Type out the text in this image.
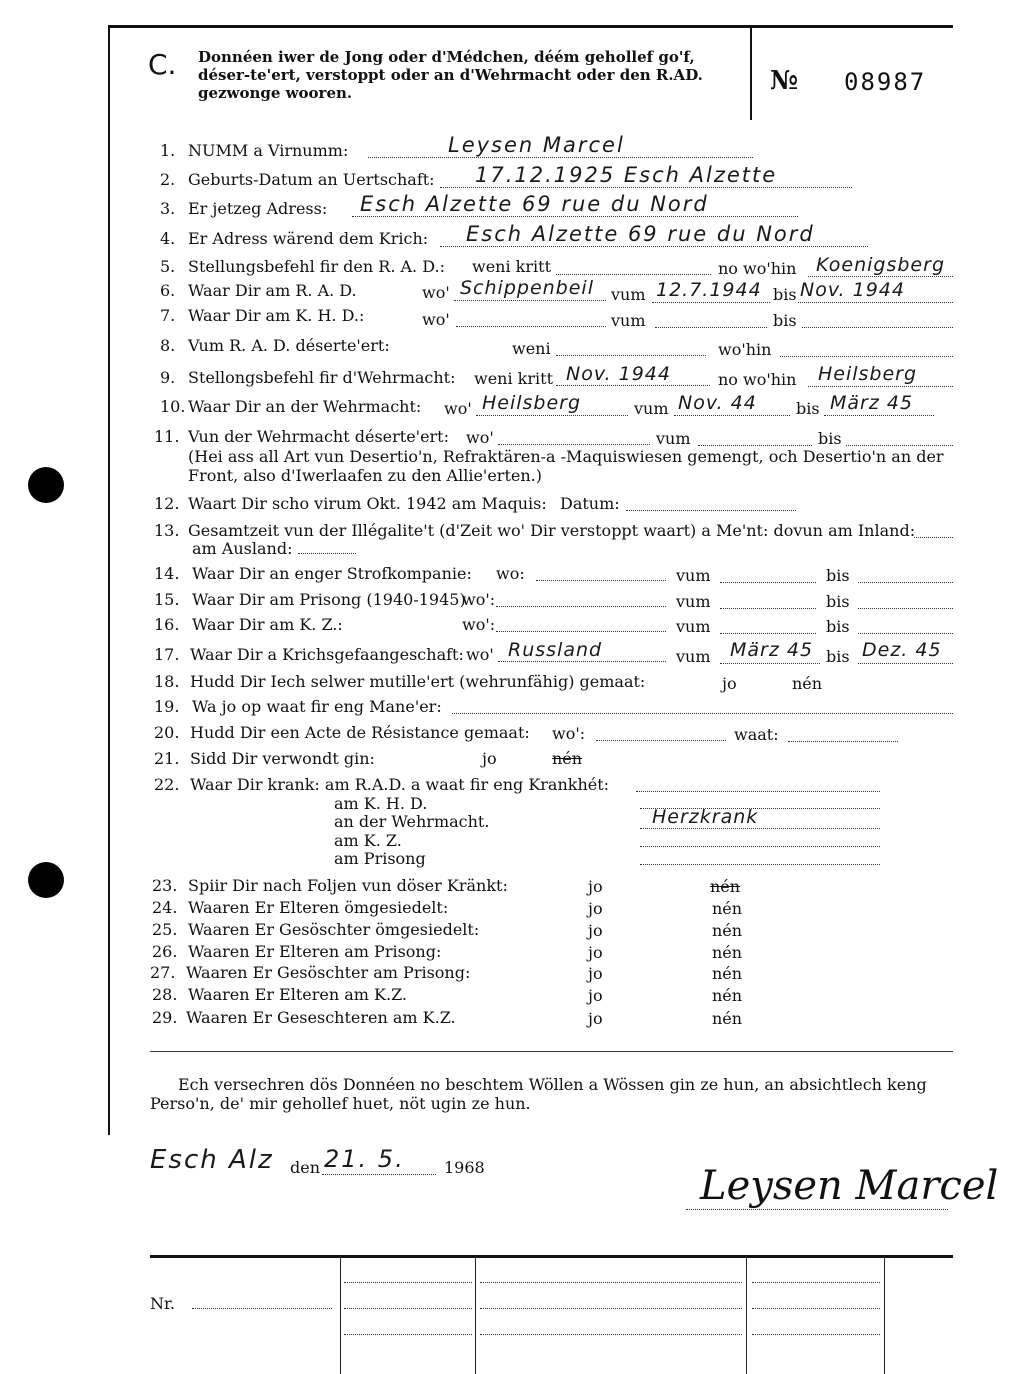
C. Donnéen iwer de Jong oder d'Médchen, déém gehollef go'f, déser-te'ert, verstoppt oder an d'Wehrmacht oder den R.AD. gezwonge wooren.	№ 08987
1. NUMM a Virnumm:	Leysen Marcel
2. Geburts-Datum an Uertschaft: 17.12.1925 Esch Alzette
3. Er jetzeg Adress: Esch Alzette 69 rue du Nord
4. Er Adress wärend dem Krich: Esch Alzette 69 rue du Nord
5. Stellungsbefehl fir den R. A. D.: weni kritt	no wo'hin Koenigsberg
6. Waar Dir am R. A. D.	wo' Schippenbeil vum 12.7.1944 bis Nov. 1944
7. Waar Dir am K. H. D.:	wo'	vum	bis
8. Vum R. A. D. déserte'ert:	weni	wo'hin
9. Stellongsbefehl fir d'Wehrmacht: weni kritt Nov. 1944	no wo'hin Heilsberg
10. Waar Dir an der Wehrmacht: wo' Heilsberg	vum Nov. 44 bis März 45
11. Vun der Wehrmacht déserte'ert: wo'	vum	bis
(Hei ass all Art vun Desertio'n, Refraktären-a -Maquiswiesen gemengt, och Desertio'n an der Front, also d'Iwerlaafen zu den Allie'erten.)
12. Waart Dir scho virum Okt. 1942 am Maquis: Datum:
13. Gesamtzeit vun der Illégalite't (d'Zeit wo' Dir verstoppt waart) a Me'nt: dovun am Inland:
am Ausland:
14. Waar Dir an enger Strofkompanie: wo:	vum	bis
15. Waar Dir am Prisong (1940-1945)
wo':	vum	bis
16. Waar Dir am K. Z.:	wo':	vum	bis
17. Waar Dir a Krichsgefaangeschaft: wo' Russland	vum März 45 bis Dez. 45
18. Hudd Dir Iech selwer mutille'ert (wehrunfähig) gemaat:	jo	nén
19. Wa jo op waat fir eng Mane'er:
20. Hudd Dir een Acte de Résistance gemaat: wo':	waat:
21. Sidd Dir verwondt gin:	jo	nén
22. Waar Dir krank: am R.A.D. a waat fir eng Krankhét:
am K. H. D.
an der Wehrmacht.	Herzkrank
am K. Z.
am Prisong
23. Spiir Dir nach Foljen vun döser Kränkt:	jo	nén
24. Waaren Er Elteren ömgesiedelt:	jo	nén
25. Waaren Er Gesöschter ömgesiedelt:	jo	nén
26. Waaren Er Elteren am Prisong:	jo	nén
27. Waaren Er Gesöschter am Prisong:	jo	nén
28. Waaren Er Elteren am K.Z.	jo	nén
29. Waaren Er Geseschteren am K.Z.	jo	nén
Ech versechren dös Donnéen no beschtem Wöllen a Wössen gin ze hun, an absichtlech keng Perso'n, de' mir gehollef huet, nöt ugin ze hun.
Esch Alz den 21. 5. 1968	Leysen Marcel
Nr.
